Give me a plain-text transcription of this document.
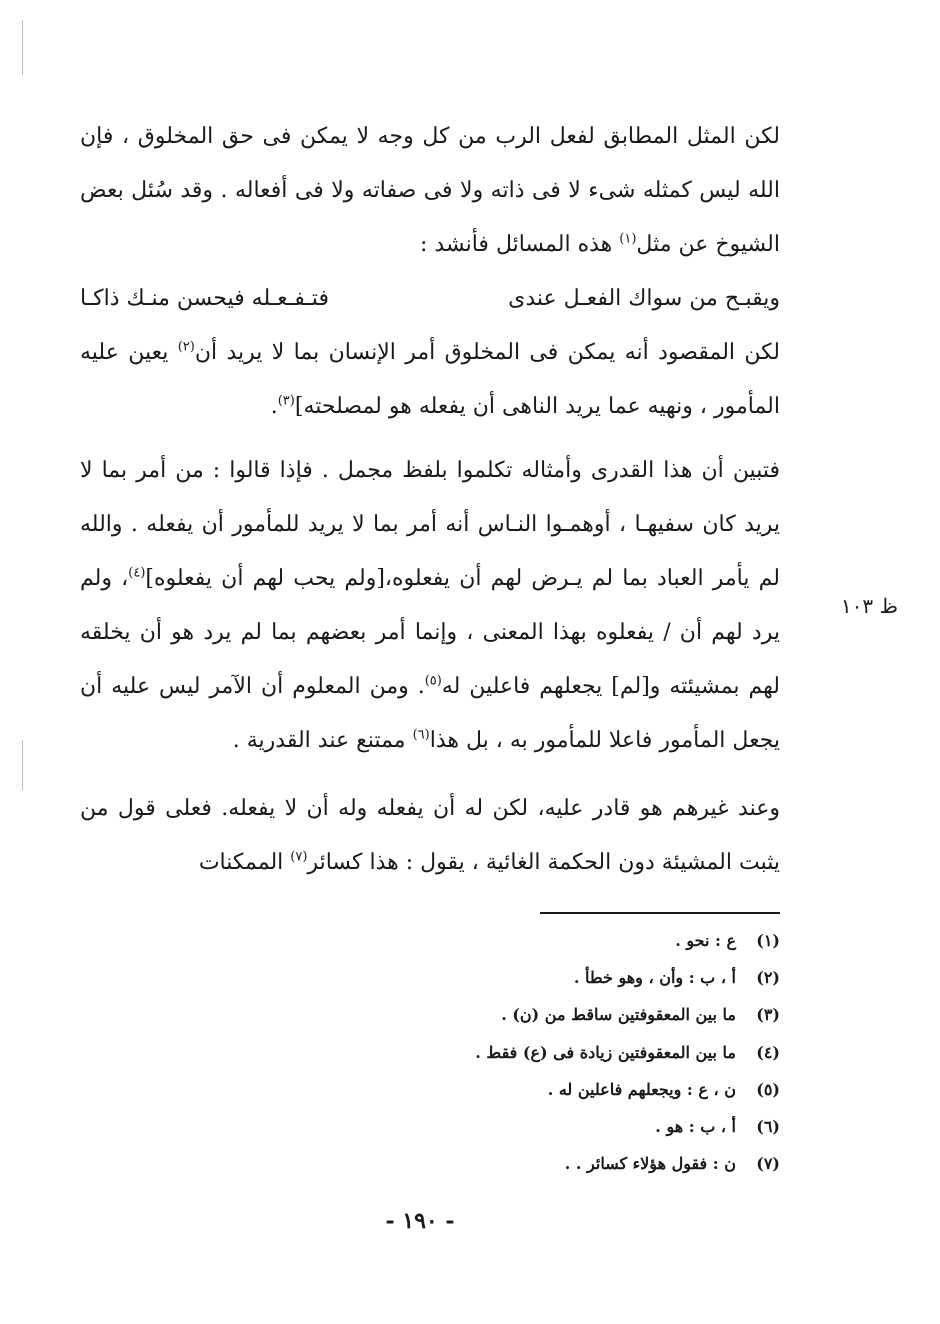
لكن المثل المطابق لفعل الرب من كل وجه لا يمكن فى حق المخلوق ، فإن الله ليس كمثله شىء لا فى ذاته ولا فى صفاته ولا فى أفعاله . وقد سُئل بعض الشيوخ عن مثل$^{(١)}$ هذه المسائل فأنشد :

ويقبـح من سواك الفعـل عندى
فتـفـعـله فيحسن منـك ذاكـا

لكن المقصود أنه يمكن فى المخلوق أمر الإنسان بما لا يريد أن$^{(٢)}$ يعين عليه المأمور ، ونهيه عما يريد الناهى أن يفعله هو لمصلحته]$^{(٣)}$.

فتبين أن هذا القدرى وأمثاله تكلموا بلفظ مجمل . فإذا قالوا : من أمر بما لا يريد كان سفيهـا ، أوهمـوا النـاس أنه أمر بما لا يريد للمأمور أن يفعله . والله لم يأمر العباد بما لم يـرض لهم أن يفعلوه،[ولم يحب لهم أن يفعلوه]$^{(٤)}$، ولم يرد لهم أن / يفعلوه بهذا المعنى ، وإنما أمر بعضهم بما لم يرد هو أن يخلقه لهم بمشيئته و[لم] يجعلهم فاعلين له$^{(٥)}$. ومن المعلوم أن الآمر ليس عليه أن يجعل المأمور فاعلا للمأمور به ، بل هذا$^{(٦)}$ ممتنع عند القدرية .

وعند غيرهم هو قادر عليه، لكن له أن يفعله وله أن لا يفعله. فعلى قول من يثبت المشيئة دون الحكمة الغائية ، يقول : هذا كسائر$^{(٧)}$ الممكنات

ظ ١٠٣
(١)ع : نحو .
(٢)أ ، ب : وأن ، وهو خطأ .
(٣)ما بين المعقوفتين ساقط من (ن) .
(٤)ما بين المعقوفتين زيادة فى (ع) فقط .
(٥)ن ، ع : ويجعلهم فاعلين له .
(٦)أ ، ب : هو .
(٧)ن : فقول هؤلاء كسائر . .
- ١٩٠ -
